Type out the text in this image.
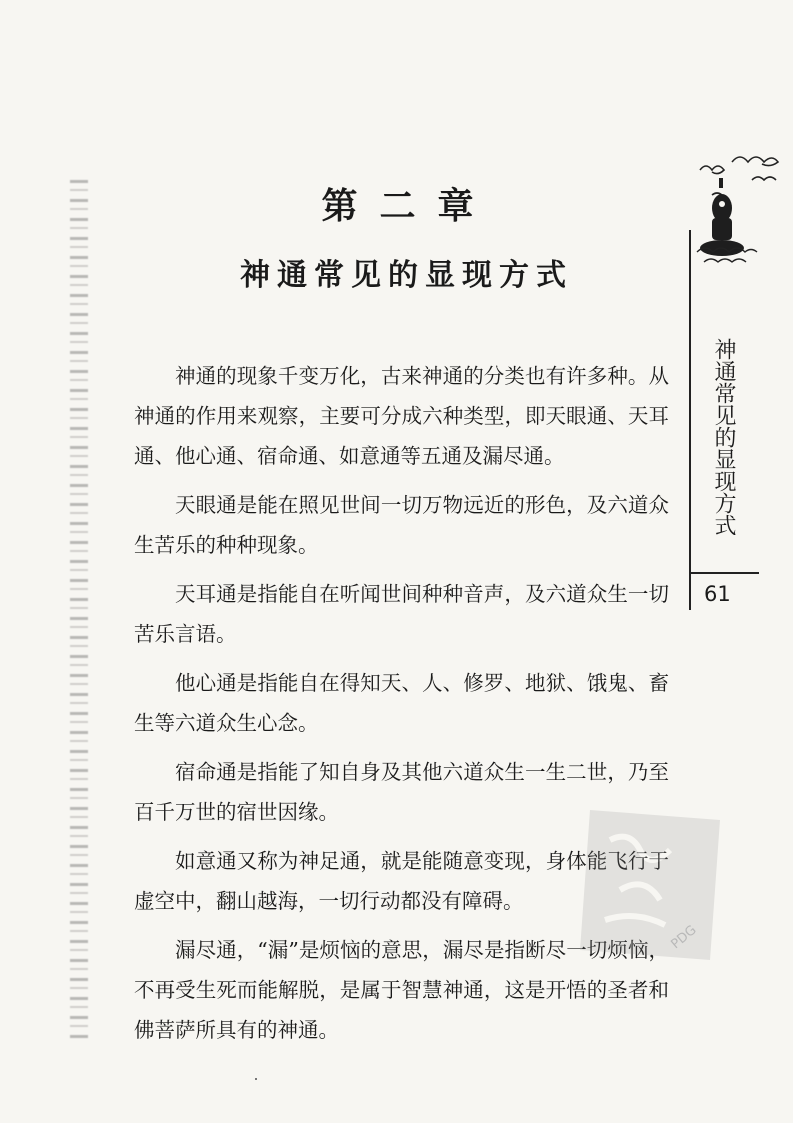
第二章
神通常见的显现方式

神通的现象千变万化，古来神通的分类也有许多种。从神通的作用来观察，主要可分成六种类型，即天眼通、天耳通、他心通、宿命通、如意通等五通及漏尽通。

天眼通是能在照见世间一切万物远近的形色，及六道众生苦乐的种种现象。

天耳通是指能自在听闻世间种种音声，及六道众生一切苦乐言语。

他心通是指能自在得知天、人、修罗、地狱、饿鬼、畜生等六道众生心念。

宿命通是指能了知自身及其他六道众生一生二世，乃至百千万世的宿世因缘。

如意通又称为神足通，就是能随意变现，身体能飞行于虚空中，翻山越海，一切行动都没有障碍。

漏尽通，“漏”是烦恼的意思，漏尽是指断尽一切烦恼，不再受生死而能解脱，是属于智慧神通，这是开悟的圣者和佛菩萨所具有的神通。

神通常见的显现方式
61
PDG
